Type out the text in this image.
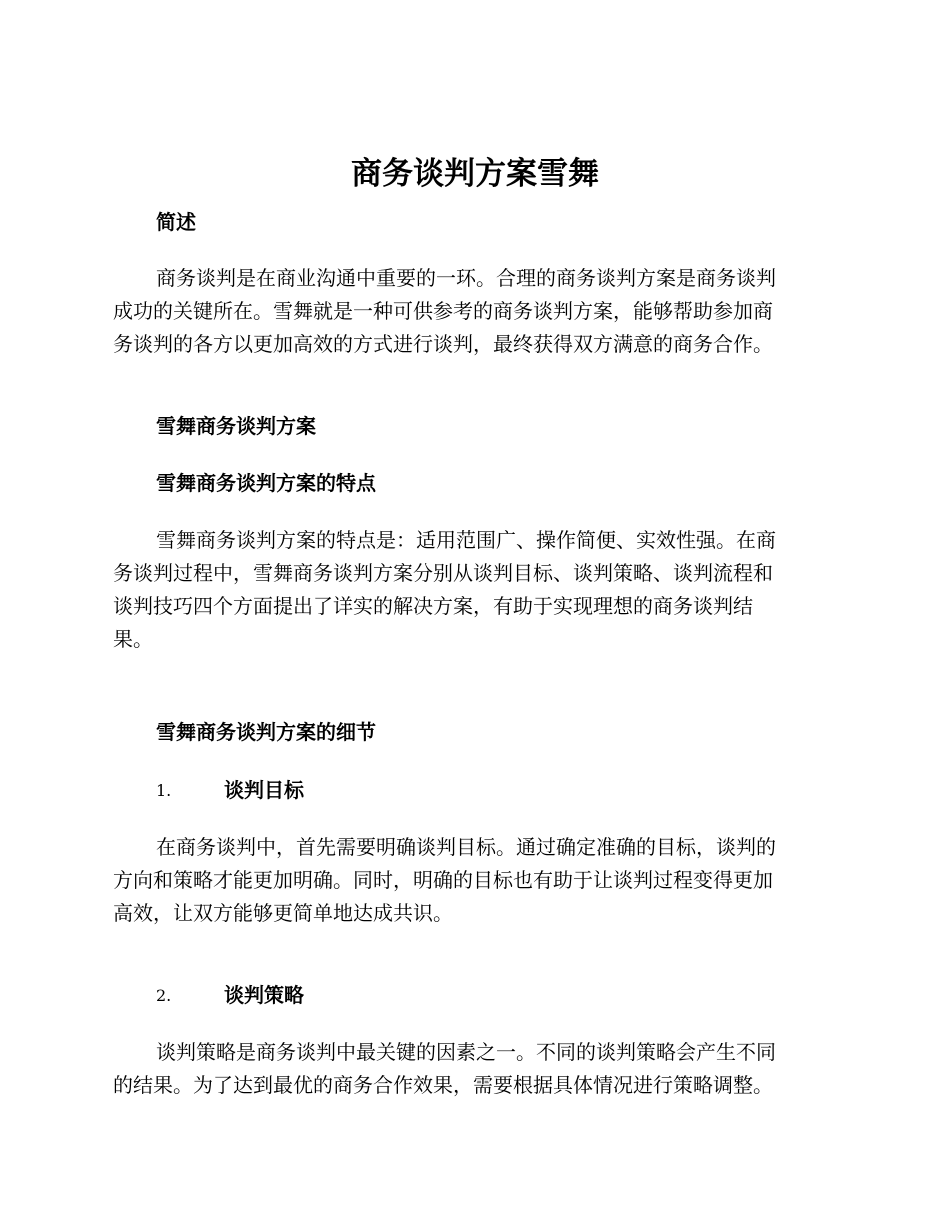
商务谈判方案雪舞
简述
商务谈判是在商业沟通中重要的一环。合理的商务谈判方案是商务谈判
成功的关键所在。雪舞就是一种可供参考的商务谈判方案，能够帮助参加商
务谈判的各方以更加高效的方式进行谈判，最终获得双方满意的商务合作。
雪舞商务谈判方案
雪舞商务谈判方案的特点
雪舞商务谈判方案的特点是：适用范围广、操作简便、实效性强。在商
务谈判过程中，雪舞商务谈判方案分别从谈判目标、谈判策略、谈判流程和
谈判技巧四个方面提出了详实的解决方案，有助于实现理想的商务谈判结
果。
雪舞商务谈判方案的细节
1.	谈判目标
在商务谈判中，首先需要明确谈判目标。通过确定准确的目标，谈判的
方向和策略才能更加明确。同时，明确的目标也有助于让谈判过程变得更加
高效，让双方能够更简单地达成共识。
2.	谈判策略
谈判策略是商务谈判中最关键的因素之一。不同的谈判策略会产生不同
的结果。为了达到最优的商务合作效果，需要根据具体情况进行策略调整。
